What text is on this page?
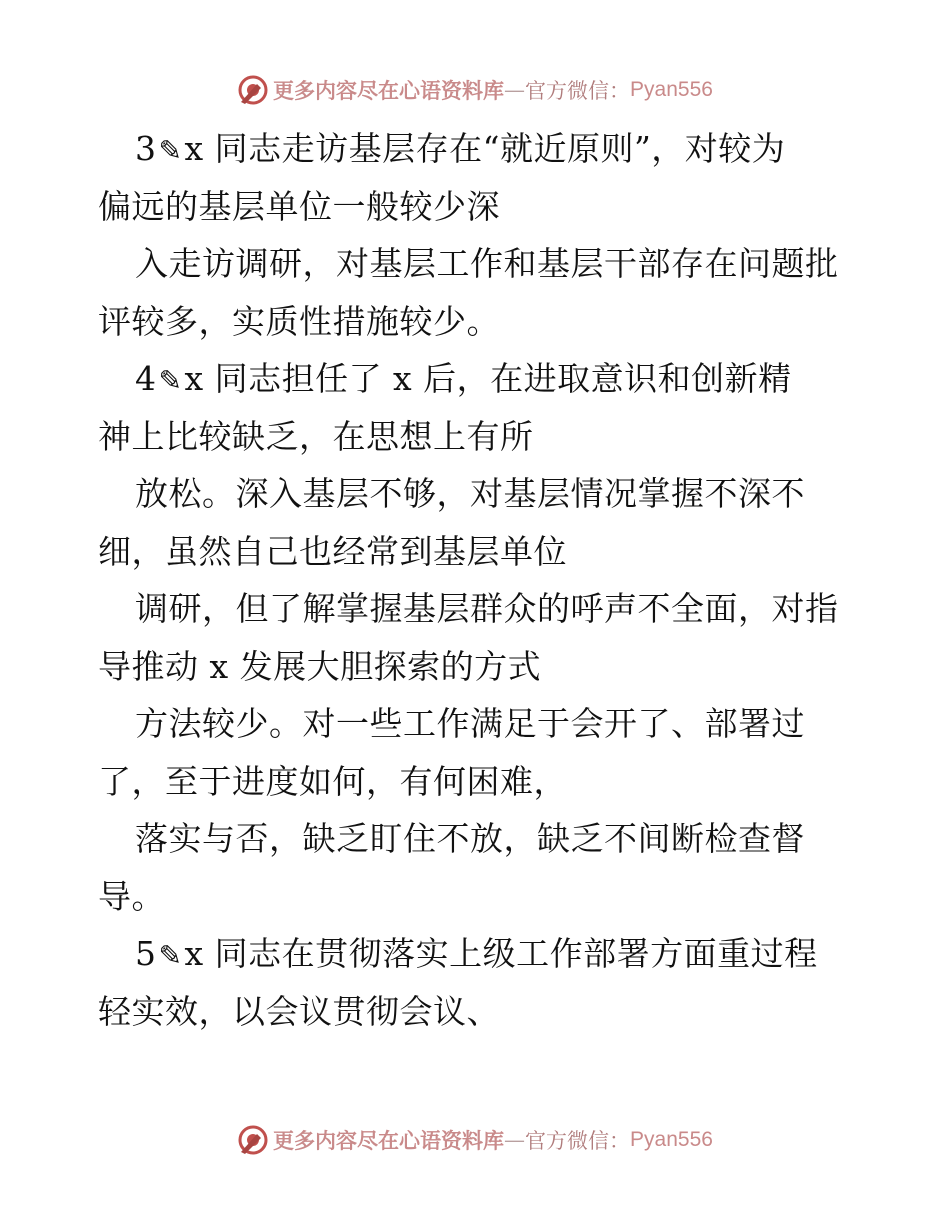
更多内容尽在心语资料库 — 官方微信： Pyan556
3✎x 同志走访基层存在“就近原则”，对较为
偏远的基层单位一般较少深
入走访调研，对基层工作和基层干部存在问题批
评较多，实质性措施较少。
4✎x 同志担任了 x 后，在进取意识和创新精
神上比较缺乏，在思想上有所
放松。深入基层不够，对基层情况掌握不深不
细，虽然自己也经常到基层单位
调研，但了解掌握基层群众的呼声不全面，对指
导推动 x 发展大胆探索的方式
方法较少。对一些工作满足于会开了、部署过
了，至于进度如何，有何困难，
落实与否，缺乏盯住不放，缺乏不间断检查督
导。
5✎x 同志在贯彻落实上级工作部署方面重过程
轻实效，以会议贯彻会议、
更多内容尽在心语资料库 — 官方微信： Pyan556
